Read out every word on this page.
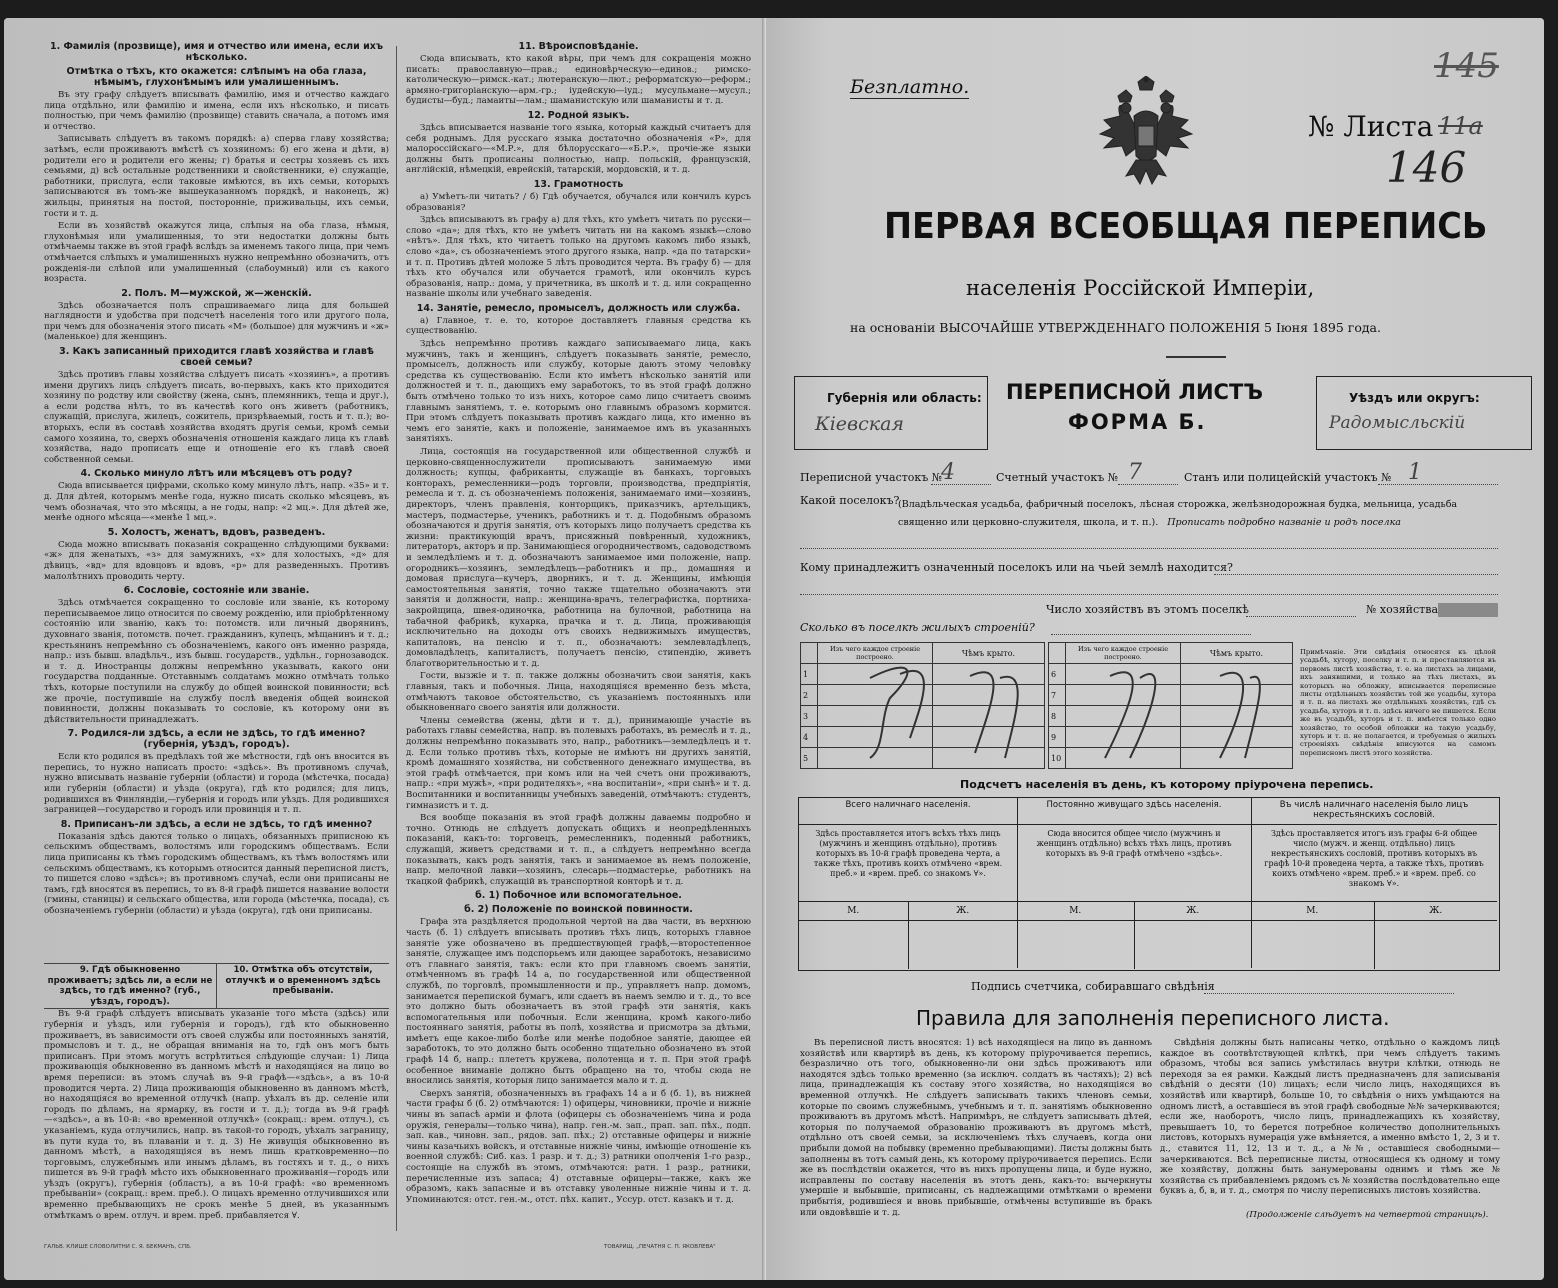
1. Фамилія (прозвище), имя и отчество или имена, если ихъ нѣсколько.
Отмѣтка о тѣхъ, кто окажется: слѣпымъ на оба глаза, нѣмымъ, глухонѣмымъ или умалишеннымъ.

Въ эту графу слѣдуетъ вписывать фамилію, имя и отчество каждаго лица отдѣльно, или фамилію и имена, если ихъ нѣсколько, и писать полностью, при чемъ фамилію (прозвище) ставить сначала, а потомъ имя и отчество.

Записывать слѣдуетъ въ такомъ порядкѣ: а) сперва главу хозяйства; затѣмъ, если проживаютъ вмѣстѣ съ хозяиномъ: б) его жена и дѣти, в) родители его и родители его жены; г) братья и сестры хозяевъ съ ихъ семьями, д) всѣ остальные родственники и свойственники, е) служащіе, работники, прислуга, если таковые имѣются, въ ихъ семьи, которыхъ записываются въ томъ-же вышеуказанномъ порядкѣ, и наконецъ, ж) жильцы, принятыя на постой, посторонніе, приживальцы, ихъ семьи, гости и т. д.

Если въ хозяйствѣ окажутся лица, слѣпыя на оба глаза, нѣмыя, глухонѣмыя или умалишенныя, то эти недостатки должны быть отмѣчаемы также въ этой графѣ вслѣдъ за именемъ такого лица, при чемъ отмѣчается слѣпыхъ и умалишенныхъ нужно непремѣнно обозначить, отъ рожденія-ли слѣпой или умалишенный (слабоумный) или съ какого возраста.

2. Полъ. М—мужской, ж—женскій.

Здѣсь обозначается полъ спрашиваемаго лица для большей наглядности и удобства при подсчетѣ населенія того или другого пола, при чемъ для обозначенія этого писать «М» (большое) для мужчинъ и «ж» (маленькое) для женщинъ.

3. Какъ записанный приходится главѣ хозяйства и главѣ своей семьи?

Здѣсь противъ главы хозяйства слѣдуетъ писать «хозяинъ», а противъ имени другихъ лицъ слѣдуетъ писать, во-первыхъ, какъ кто приходится хозяину по родству или свойству (жена, сынъ, племянникъ, теща и друг.), а если родства нѣтъ, то въ качествѣ кого онъ живетъ (работникъ, служащій, прислуга, жилецъ, сожитель, призрѣваемый, гость и т. п.); во-вторыхъ, если въ составѣ хозяйства входятъ другія семьи, кромѣ семьи самого хозяина, то, сверхъ обозначенія отношенія каждаго лица къ главѣ хозяйства, надо прописать еще и отношеніе его къ главѣ своей собственной семьи.

4. Сколько минуло лѣтъ или мѣсяцевъ отъ роду?

Сюда вписывается цифрами, сколько кому минуло лѣтъ, напр. «35» и т. д. Для дѣтей, которымъ менѣе года, нужно писать сколько мѣсяцевъ, въ чемъ обозначая, что это мѣсяцы, а не годы, напр: «2 мц.». Для дѣтей же, менѣе одного мѣсяца—«менѣе 1 мц.».

5. Холостъ, женатъ, вдовъ, разведенъ.

Сюда можно вписывать показанія сокращенно слѣдующими буквами: «ж» для женатыхъ, «з» для замужнихъ, «х» для холостыхъ, «д» для дѣвицъ, «вд» для вдовцовъ и вдовъ, «р» для разведенныхъ. Противъ малолѣтнихъ проводить черту.

6. Сословіе, состояніе или званіе.

Здѣсь отмѣчается сокращенно то сословіе или званіе, къ которому переписываемое лицо относится по своему рожденію, или пріобрѣтенному состоянію или званію, какъ то: потомств. или личный дворянинъ, духовнаго званія, потомств. почет. гражданинъ, купецъ, мѣщанинъ и т. д.; крестьянинъ непремѣнно съ обозначеніемъ, какого онъ именно разряда, напр.: изъ бывш. владѣльч., изъ бывш. государств., удѣльн., горнозаводск. и т. д. Иностранцы должны непремѣнно указывать, какого они государства подданные. Отставнымъ солдатамъ можно отмѣчать только тѣхъ, которые поступили на службу до общей воинской повинности; всѣ же прочіе, поступившіе на службу послѣ введенія общей воинской повинности, должны показывать то сословіе, къ которому они въ дѣйствительности принадлежатъ.

7. Родился-ли здѣсь, а если не здѣсь, то гдѣ именно? (губернія, уѣздъ, городъ).

Если кто родился въ предѣлахъ той же мѣстности, гдѣ онъ вносится въ перепись, то нужно написать просто: «здѣсь». Въ противномъ случаѣ, нужно вписывать названіе губерніи (области) и города (мѣстечка, посада) или губерніи (области) и уѣзда (округа), гдѣ кто родился; для лицъ, родившихся въ Финляндіи,—губернія и городъ или уѣздъ. Для родившихся заграницей—государство и городъ или провинція и т. п.

8. Приписанъ-ли здѣсь, а если не здѣсь, то гдѣ именно?

Показанія здѣсь даются только о лицахъ, обязанныхъ приписною къ сельскимъ обществамъ, волостямъ или городскимъ обществамъ. Если лица приписаны къ тѣмъ городскимъ обществамъ, къ тѣмъ волостямъ или сельскимъ обществамъ, къ которымъ относится данный переписной листъ, то пишется слово «здѣсь»; въ противномъ случаѣ, если они приписаны не тамъ, гдѣ вносятся въ перепись, то въ 8-й графѣ пишется название волости (гмины, станицы) и сельскаго общества, или города (мѣстечка, посада), съ обозначеніемъ губерніи (области) и уѣзда (округа), гдѣ они приписаны.

9. Гдѣ обыкновенно проживаетъ; здѣсь ли, а если не здѣсь, то гдѣ именно? (губ., уѣздъ, городъ).
10. Отмѣтка объ отсутствіи, отлучкѣ и о временномъ здѣсь пребываніи.

Въ 9-й графѣ слѣдуетъ вписывать указаніе того мѣста (здѣсь) или губернія и уѣздъ, или губернія и городъ), гдѣ кто обыкновенно проживаетъ, въ зависимости отъ своей службы или постоянныхъ занятій, промысловъ и т. д., не обращая вниманія на то, гдѣ онъ могъ быть приписанъ. При этомъ могутъ встрѣтиться слѣдующіе случаи: 1) Лица проживающія обыкновенно въ данномъ мѣстѣ и находящіяся на лицо во время переписи: въ этомъ случаѣ въ 9-й графѣ—«здѣсь», а въ 10-й проводится черта. 2) Лица проживающія обыкновенно въ данномъ мѣстѣ, но находящіяся во временной отлучкѣ (напр. уѣхалъ въ др. селеніе или городъ по дѣламъ, на ярмарку, въ гости и т. д.); тогда въ 9-й графѣ—«здѣсь», а въ 10-й: «во временной отлучкѣ» (сокращ.: врем. отлуч.), съ указаніемъ, куда отлучились, напр. въ такой-то городъ, уѣхалъ заграницу, въ пути куда то, въ плаваніи и т. д. 3) Не живущія обыкновенно въ данномъ мѣстѣ, а находящіяся въ немъ лишь кратковременно—по торговымъ, служебнымъ или инымъ дѣламъ, въ гостяхъ и т. д., о нихъ пишется въ 9-й графѣ мѣсто ихъ обыкновеннаго проживанія—городъ или уѣздъ (округъ), губернія (область), а въ 10-й графѣ: «во временномъ пребываніи» (сокращ.: врем. преб.). О лицахъ временно отлучившихся или временно пребывающихъ не срокъ менѣе 5 дней, въ указаннымъ отмѣткамъ о врем. отлуч. и врем. преб. прибавляется ∀.

11. Вѣроисповѣданіе.

Сюда вписывать, кто какой вѣры, при чемъ для сокращенія можно писать: православную—прав.; единовѣрческую—единов.; римско-католическую—римск.-кат.; лютеранскую—лют.; реформатскую—реформ.; армяно-григоріанскую—арм.-гр.; іудейскую—іуд.; мусульмане—мусул.; будисты—буд.; ламаиты—лам.; шаманистскую или шаманисты и т. д.

12. Родной языкъ.

Здѣсь вписывается названіе того языка, который каждый считаетъ для себя роднымъ. Для русскаго языка достаточно обозначенія «Р», для малороссійскаго—«М.Р.», для бѣлорусскаго—«Б.Р.», прочіе-же языки должны быть прописаны полностью, напр. польскій, французскій, англійскій, нѣмецкій, еврейскій, татарскій, мордовскій, и т. д.

13. Грамотность

а) Умѣетъ-ли читать? / б) Гдѣ обучается, обучался или кончилъ курсъ образованія?

Здѣсь вписываютъ въ графу а) для тѣхъ, кто умѣетъ читать по русски—слово «да»; для тѣхъ, кто не умѣетъ читать ни на какомъ языкѣ—слово «нѣтъ». Для тѣхъ, кто читаетъ только на другомъ какомъ либо языкѣ, слово «да», съ обозначеніемъ этого другого языка, напр. «да по татарски» и т. п. Противъ дѣтей моложе 5 лѣтъ проводится черта. Въ графу б) — для тѣхъ кто обучался или обучается грамотѣ, или окончилъ курсъ образованія, напр.: дома, у причетника, въ школѣ и т. д. или сокращенно названіе школы или учебнаго заведенія.

14. Занятіе, ремесло, промыселъ, должность или служба.

а) Главное, т. е. то, которое доставляетъ главныя средства къ существованію.

Здѣсь непремѣнно противъ каждаго записываемаго лица, какъ мужчинъ, такъ и женщинъ, слѣдуетъ показывать занятіе, ремесло, промыселъ, должность или службу, которые даютъ этому человѣку средства къ существованію. Если кто имѣетъ нѣсколько занятій или должностей и т. п., дающихъ ему заработокъ, то въ этой графѣ должно быть отмѣчено только то изъ нихъ, которое само лицо считаетъ своимъ главнымъ занятіемъ, т. е. которымъ оно главнымъ образомъ кормится. При этомъ слѣдуетъ показывать противъ каждаго лица, кто именно въ чемъ его занятіе, какъ и положеніе, занимаемое имъ въ указанныхъ занятіяхъ.

Лица, состоящія на государственной или общественной службѣ и церковно-священнослужители прописываютъ занимаемую ими должность; купцы, фабриканты, служащіе въ банкахъ, торговыхъ конторахъ, ремесленники—родъ торговли, производства, предпріятія, ремесла и т. д. съ обозначеніемъ положенія, занимаемаго ими—хозяинъ, директоръ, членъ правленія, конторщикъ, приказчикъ, артельщикъ, мастеръ, подмастерье, ученикъ, работникъ и т. д. Подобнымъ образомъ обозначаются и другія занятія, отъ которыхъ лицо получаетъ средства къ жизни: практикующій врачъ, присяжный повѣренный, художникъ, литераторъ, акторъ и пр. Занимающіеся огородничествомъ, садоводствомъ и земледѣліемъ и т. д. обозначаютъ занимаемое ими положеніе, напр. огородникъ—хозяинъ, земледѣлецъ—работникъ и пр., домашняя и домовая прислуга—кучеръ, дворникъ, и т. д. Женщины, имѣющія самостоятельныя занятія, точно также тщательно обозначаютъ эти занятія и должности, напр.: женщина-врачъ, телеграфистка, портниха-закройщица, швея-одиночка, работница на булочной, работница на табачной фабрикѣ, кухарка, прачка и т. д. Лица, проживающія исключительно на доходы отъ своихъ недвижимыхъ имуществъ, капиталовъ, на пенсію и т. п., обозначаютъ: землевладѣлецъ, домовладѣлецъ, капиталистъ, получаетъ пенсію, стипендію, живетъ благотворительностью и т. д.

Гости, вызжіе и т. п. также должны обозначить свои занятія, какъ главныя, такъ и побочныя. Лица, находящіяся временно безъ мѣста, отмѣчаютъ таковое обстоятельство, съ указаніемъ постоянныхъ или обыкновеннаго своего занятія или должности.

Члены семейства (жены, дѣти и т. д.), принимающіе участіе въ работахъ главы семейства, напр. въ полевыхъ работахъ, въ ремеслѣ и т. д., должны непремѣнно показывать это, напр., работникъ—земледѣлецъ и т. д. Если только противъ тѣхъ, которые не имѣютъ ни другихъ занятій, кромѣ домашняго хозяйства, ни собственного денежнаго имущества, въ этой графѣ отмѣчается, при комъ или на чей счетъ они проживаютъ, напр.: «при мужѣ», «при родителяхъ», «на воспитаніи», «при сынѣ» и т. д. Воспитанники и воспитанницы учебныхъ заведеній, отмѣчаютъ: студентъ, гимназистъ и т. д.

Вся вообще показанія въ этой графѣ должны даваемы подробно и точно. Отнюдь не слѣдуетъ допускать общихъ и неопредѣленныхъ показаній, какъ-то: торговецъ, ремесленникъ, поденный работникъ, служащій, живетъ средствами и т. п., а слѣдуетъ непремѣнно всегда показывать, какъ родъ занятія, такъ и занимаемое въ немъ положеніе, напр. мелочной лавки—хозяинъ, слесарь—подмастерье, работникъ на ткацкой фабрикѣ, служащій въ транспортной конторѣ и т. д.

б. 1) Побочное или вспомогательное.
б. 2) Положеніе по воинской повинности.

Графа эта раздѣляется продольной чертой на два части, въ верхнюю часть (б. 1) слѣдуетъ вписывать противъ тѣхъ лицъ, которыхъ главное занятіе уже обозначено въ предшествующей графѣ,—второстепенное занятіе, служащее имъ подспорьемъ или дающее заработокъ, независимо отъ главнаго занятія, такъ: если кто при главномъ своемъ занятіи, отмѣченномъ въ графѣ 14 а, по государственной или общественной службѣ, по торговлѣ, промышленности и пр., управляетъ напр. домомъ, занимается перепиской бумагъ, или сдаетъ въ наемъ землю и т. д., то все это должно быть обозначаетъ въ этой графѣ эти занятія, какъ вспомогательныя или побочныя. Если женщина, кромѣ какого-либо постояннаго занятія, работы въ полѣ, хозяйства и присмотра за дѣтьми, имѣетъ еще какое-либо болѣе или менѣе подобное занятіе, дающее ей заработокъ, то это должно быть особенно тщательно обозначено въ этой графѣ 14 б, напр.: плететъ кружева, полотенца и т. п. При этой графѣ особенное вниманіе должно быть обращено на то, чтобы сюда не вносились занятія, которыя лицо занимается мало и т. д.

Сверхъ занятій, обозначенныхъ въ графахъ 14 а и б (б. 1), въ нижней части графы б (б. 2) отмѣчаются: 1) офицеры, чиновники, прочіе и нижніе чины въ запасѣ арміи и флота (офицеры съ обозначеніемъ чина и рода оружія, генералы—только чина), напр. ген.-м. зап., прап. зап. пѣх., подп. зап. кав., чиновн. зап., рядов. зап. пѣх.; 2) отставные офицеры и нижніе чины казачьихъ войскъ, и отставные нижніе чины, имѣющіе отношеніе къ военной службѣ: Сиб. каз. 1 разр. и т. д.; 3) ратники ополченія 1-го разр., состоящіе на службѣ въ этомъ, отмѣчаются: ратн. 1 разр., ратники, перечисленные изъ запаса; 4) отставные офицеры—также, какъ же образомъ, какъ запасные и въ отставку уволенные нижніе чины и т. д. Упоминаются: отст. ген.-м., отст. пѣх. капит., Уссур. отст. казакъ и т. д.

ГАЛЬВ. КЛИШЕ СЛОВОЛИТНИ С. Я. БЕКМАНЪ, СПБ.	ТОВАРИЩ. „ПЕЧАТНЯ С. П. ЯКОВЛЕВА"
Безплатно.
№ Листа 11а
145
146
ПЕРВАЯ ВСЕОБЩАЯ ПЕРЕПИСЬ
населенія Россійской Имперіи,
на основаніи ВЫСОЧАЙШЕ УТВЕРЖДЕННАГО ПОЛОЖЕНІЯ 5 Іюня 1895 года.
Губернія или область:
Кіевская
ПЕРЕПИСНОЙ ЛИСТЪ
ФОРМА Б.
Уѣздъ или округъ:
Радомысльскій
Переписной участокъ №
4	Счетный участокъ № 7	Станъ или полицейскій участокъ № 1
Какой поселокъ?
(Владѣльческая усадьба, фабричный поселокъ, лѣсная сторожка, желѣзнодорожная будка, мельница, усадьба священно или церковно-служителя, школа, и т. п.). Прописать подробно названіе и родъ поселка
Кому принадлежитъ означенный поселокъ или на чьей землѣ находится?
Число хозяйствъ въ этомъ поселкѣ	№ хозяйства
Сколько въ поселкѣ жилыхъ строеній?
	Изъ чего каждое строеніе построено.	Чѣмъ крыто.
1		
2		
3		
4		
5		
	Изъ чего каждое строеніе построено.	Чѣмъ крыто.
6		
7		
8		
9		
10		
Примѣчаніе. Эти свѣдѣнія относятся къ цѣлой усадьбѣ, хутору, поселку и т. п. и проставляются въ первомъ листѣ хозяйства, т. е. на листахъ за лицами, ихъ занявшими, и только на тѣхъ листахъ, въ которыхъ на обложку, вписывается переписные листы отдѣльныхъ хозяйствъ той же усадьбы, хутора и т. п. на листахъ же отдѣльныхъ хозяйствъ, гдѣ съ усадьба, хуторъ и т. п. здѣсь ничего не пишется. Если же въ усадьбѣ, хуторъ и т. п. имѣется только одно хозяйство, то особой обложки на такую усадьбу, хуторъ и т. п. не полагается, и требуемыя о жилыхъ строеніяхъ свѣдѣнія вписуются на самомъ переписномъ листѣ этого хозяйства.
Подсчетъ населенія въ день, къ которому пріурочена перепись.
Всего наличнаго населенія.
Здѣсь проставляется итогъ всѣхъ тѣхъ лицъ (мужчинъ и женщинъ отдѣльно), противъ которыхъ въ 10-й графѣ проведена черта, а также тѣхъ, противъ коихъ отмѣчено «врем. преб.» и «врем. преб. со знакомъ ∀».
М.	Ж.
Постоянно живущаго здѣсь населенія.
Сюда вносится общее число (мужчинъ и женщинъ отдѣльно) всѣхъ тѣхъ лицъ, противъ которыхъ въ 9-й графѣ отмѣчено «здѣсь».
М.	Ж.
Въ числѣ наличнаго населенія было лицъ некрестьянскихъ сословій.
Здѣсь проставляется итогъ изъ графы 6-й общее число (мужч. и женщ. отдѣльно) лицъ некрестьянскихъ сословій, противъ которыхъ въ графѣ 10-й проведена черта, а также тѣхъ, противъ коихъ отмѣчено «врем. преб.» и «врем. преб. со знакомъ ∀».
М.	Ж.
Подпись счетчика, собиравшаго свѣдѣнія
Правила для заполненія переписного листа.
Въ переписной листъ вносятся: 1) всѣ находящіеся на лицо въ данномъ хозяйствѣ или квартирѣ въ день, къ которому пріурочивается перепись, безразлично отъ того, обыкновенно-ли они здѣсь проживаютъ или находятся здѣсь только временно (за исключ. солдатъ въ частяхъ); 2) всѣ лица, принадлежащія къ составу этого хозяйства, но находящіяся во временной отлучкѣ. Не слѣдуетъ записывать такихъ членовъ семьи, которые по своимъ служебнымъ, учебнымъ и т. п. занятіямъ обыкновенно проживаютъ въ другомъ мѣстѣ. Напримѣръ, не слѣдуетъ записывать дѣтей, которыя по получаемой образованію проживаютъ въ другомъ мѣстѣ, отдѣльно отъ своей семьи, за исключеніемъ тѣхъ случаевъ, когда они прибыли домой на побывку (временно пребывающими). Листы должны быть заполнены въ тотъ самый день, къ которому пріурочивается перепись. Если же въ послѣдствіи окажется, что въ нихъ пропущены лица, и буде нужно, исправлены по составу населенія въ этотъ день, какъ-то: вычеркнуты умершіе и выбывшіе, приписаны, съ надлежащими отмѣтками о времени прибытія, родившіеся и вновь прибывшіе, отмѣчены вступившіе въ бракъ или овдовѣвшіе и т. д.
Свѣдѣнія должны быть написаны четко, отдѣльно о каждомъ лицѣ каждое въ соотвѣтствующей клѣткѣ, при чемъ слѣдуетъ такимъ образомъ, чтобы вся запись умѣстилась внутри клѣтки, отнюдь не переходя за ея рамки. Каждый листъ предназначенъ для записыванія свѣдѣній о десяти (10) лицахъ; если число лицъ, находящихся въ хозяйствѣ или квартирѣ, больше 10, то свѣдѣнія о нихъ умѣщаются на одномъ листѣ, а оставшіеся въ этой графѣ свободные №№ зачеркиваются; если же, наоборотъ, число лицъ, принадлежащихъ къ хозяйству, превышаетъ 10, то берется потребное количество дополнительныхъ листовъ, которыхъ нумерація уже вмѣняется, а именно вмѣсто 1, 2, 3 и т. д., ставится 11, 12, 13 и т. д., а №№, оставшіеся свободными—зачеркиваются. Всѣ переписные листы, относящіеся къ одному и тому же хозяйству, должны быть занумерованы однимъ и тѣмъ же № хозяйства съ прибавленіемъ рядомъ съ № хозяйства послѣдовательно еще буквъ а, б, в, и т. д., смотря по числу переписныхъ листовъ хозяйства.
(Продолженіе слѣдуетъ на четвертой страницѣ).
